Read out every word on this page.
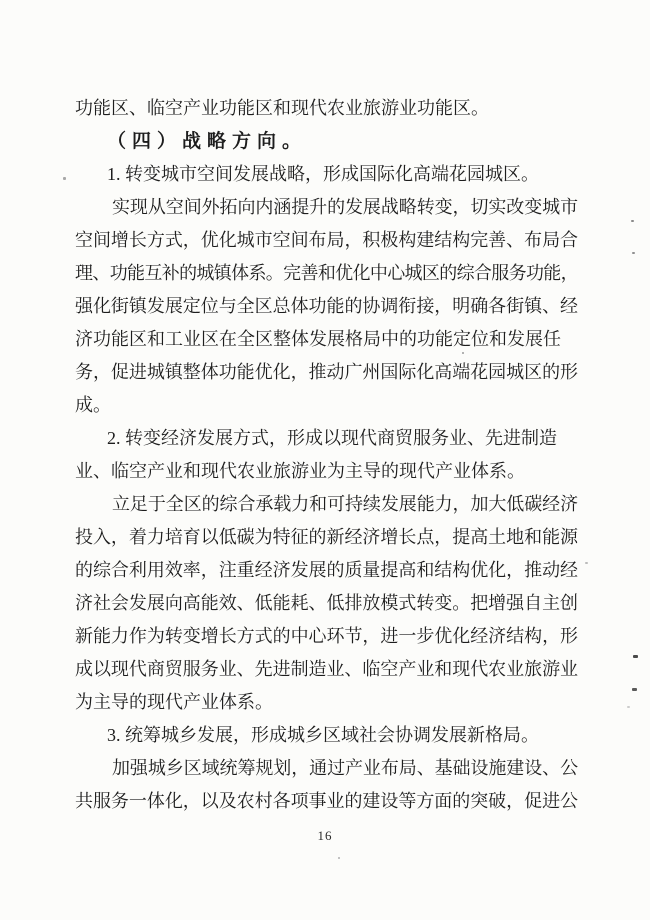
功能区、临空产业功能区和现代农业旅游业功能区。
（四）战略方向。
1. 转变城市空间发展战略，形成国际化高端花园城区。
实现从空间外拓向内涵提升的发展战略转变，切实改变城市
空间增长方式，优化城市空间布局，积极构建结构完善、布局合
理、功能互补的城镇体系。完善和优化中心城区的综合服务功能，
强化街镇发展定位与全区总体功能的协调衔接，明确各街镇、经
济功能区和工业区在全区整体发展格局中的功能定位和发展任
务，促进城镇整体功能优化，推动广州国际化高端花园城区的形
成。
2. 转变经济发展方式，形成以现代商贸服务业、先进制造
业、临空产业和现代农业旅游业为主导的现代产业体系。
立足于全区的综合承载力和可持续发展能力，加大低碳经济
投入，着力培育以低碳为特征的新经济增长点，提高土地和能源
的综合利用效率，注重经济发展的质量提高和结构优化，推动经
济社会发展向高能效、低能耗、低排放模式转变。把增强自主创
新能力作为转变增长方式的中心环节，进一步优化经济结构，形
成以现代商贸服务业、先进制造业、临空产业和现代农业旅游业
为主导的现代产业体系。
3. 统筹城乡发展，形成城乡区域社会协调发展新格局。
加强城乡区域统筹规划，通过产业布局、基础设施建设、公
共服务一体化，以及农村各项事业的建设等方面的突破，促进公
16
